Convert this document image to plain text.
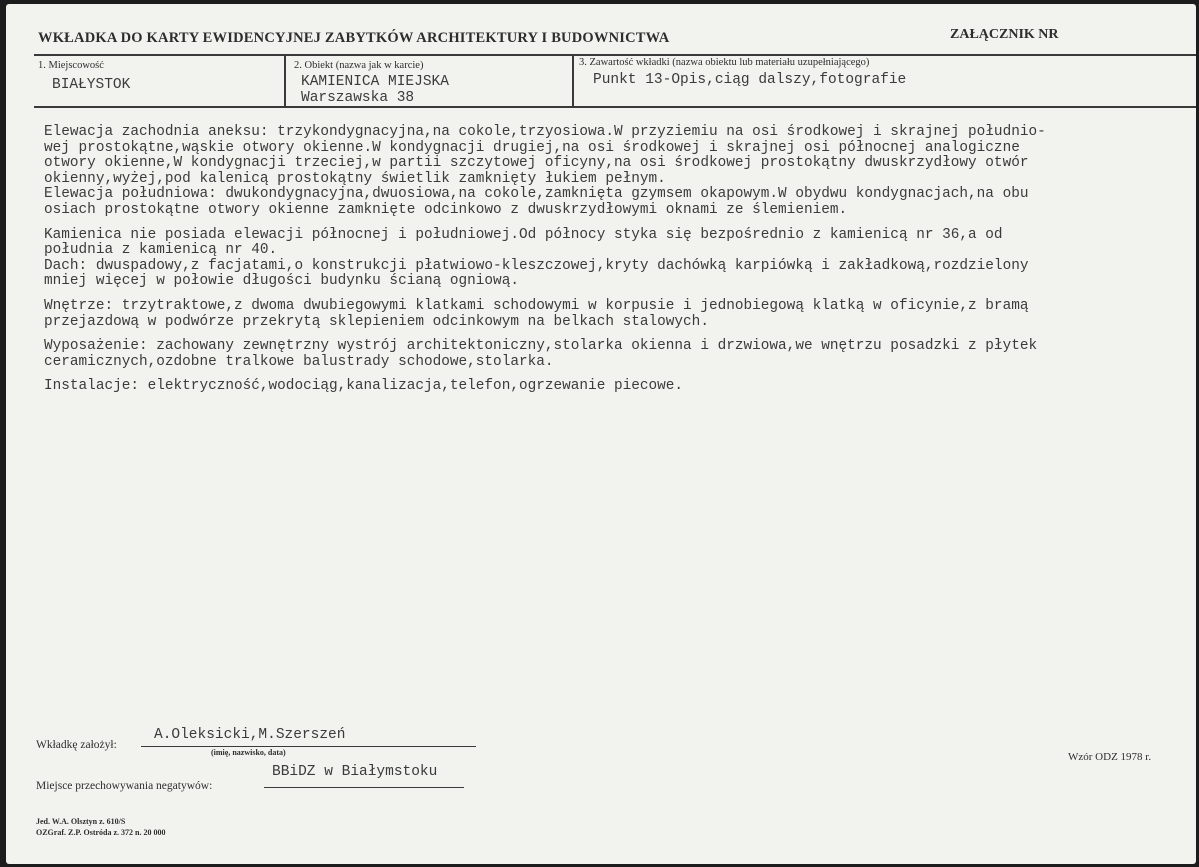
WKŁADKA DO KARTY EWIDENCYJNEJ ZABYTKÓW ARCHITEKTURY I BUDOWNICTWA	ZAŁĄCZNIK NR
1. Miejscowość
BIAŁYSTOK
2. Obiekt (nazwa jak w karcie)
KAMIENICA MIEJSKA
Warszawska 38
3. Zawartość wkładki (nazwa obiektu lub materiału uzupełniającego)
Punkt 13-Opis,ciąg dalszy,fotografie
Elewacja zachodnia aneksu: trzykondygnacyjna,na cokole,trzyosiowa.W przyziemiu na osi środkowej i skrajnej południo-
wej prostokątne,wąskie otwory okienne.W kondygnacji drugiej,na osi środkowej i skrajnej osi północnej analogiczne
otwory okienne,W kondygnacji trzeciej,w partii szczytowej oficyny,na osi środkowej prostokątny dwuskrzydłowy otwór
okienny,wyżej,pod kalenicą prostokątny świetlik zamknięty łukiem pełnym.
Elewacja południowa: dwukondygnacyjna,dwuosiowa,na cokole,zamknięta gzymsem okapowym.W obydwu kondygnacjach,na obu
osiach prostokątne otwory okienne zamknięte odcinkowo z dwuskrzydłowymi oknami ze ślemieniem.
Kamienica nie posiada elewacji północnej i południowej.Od północy styka się bezpośrednio z kamienicą nr 36,a od
południa z kamienicą nr 40.
Dach: dwuspadowy,z facjatami,o konstrukcji płatwiowo-kleszczowej,kryty dachówką karpiówką i zakładkową,rozdzielony
mniej więcej w połowie długości budynku ścianą ogniową.
Wnętrze: trzytraktowe,z dwoma dwubiegowymi klatkami schodowymi w korpusie i jednobiegową klatką w oficynie,z bramą
przejazdową w podwórze przekrytą sklepieniem odcinkowym na belkach stalowych.
Wyposażenie: zachowany zewnętrzny wystrój architektoniczny,stolarka okienna i drzwiowa,we wnętrzu posadzki z płytek
ceramicznych,ozdobne tralkowe balustrady schodowe,stolarka.
Instalacje: elektryczność,wodociąg,kanalizacja,telefon,ogrzewanie piecowe.
Wkładkę założył:
A.Oleksicki,M.Szerszeń
(imię, nazwisko, data)
Miejsce przechowywania negatywów:
BBiDZ w Białymstoku
Wzór ODZ 1978 r.
Jed. W.A. Olsztyn z. 610/S
OZGraf. Z.P. Ostróda z. 372 n. 20 000
